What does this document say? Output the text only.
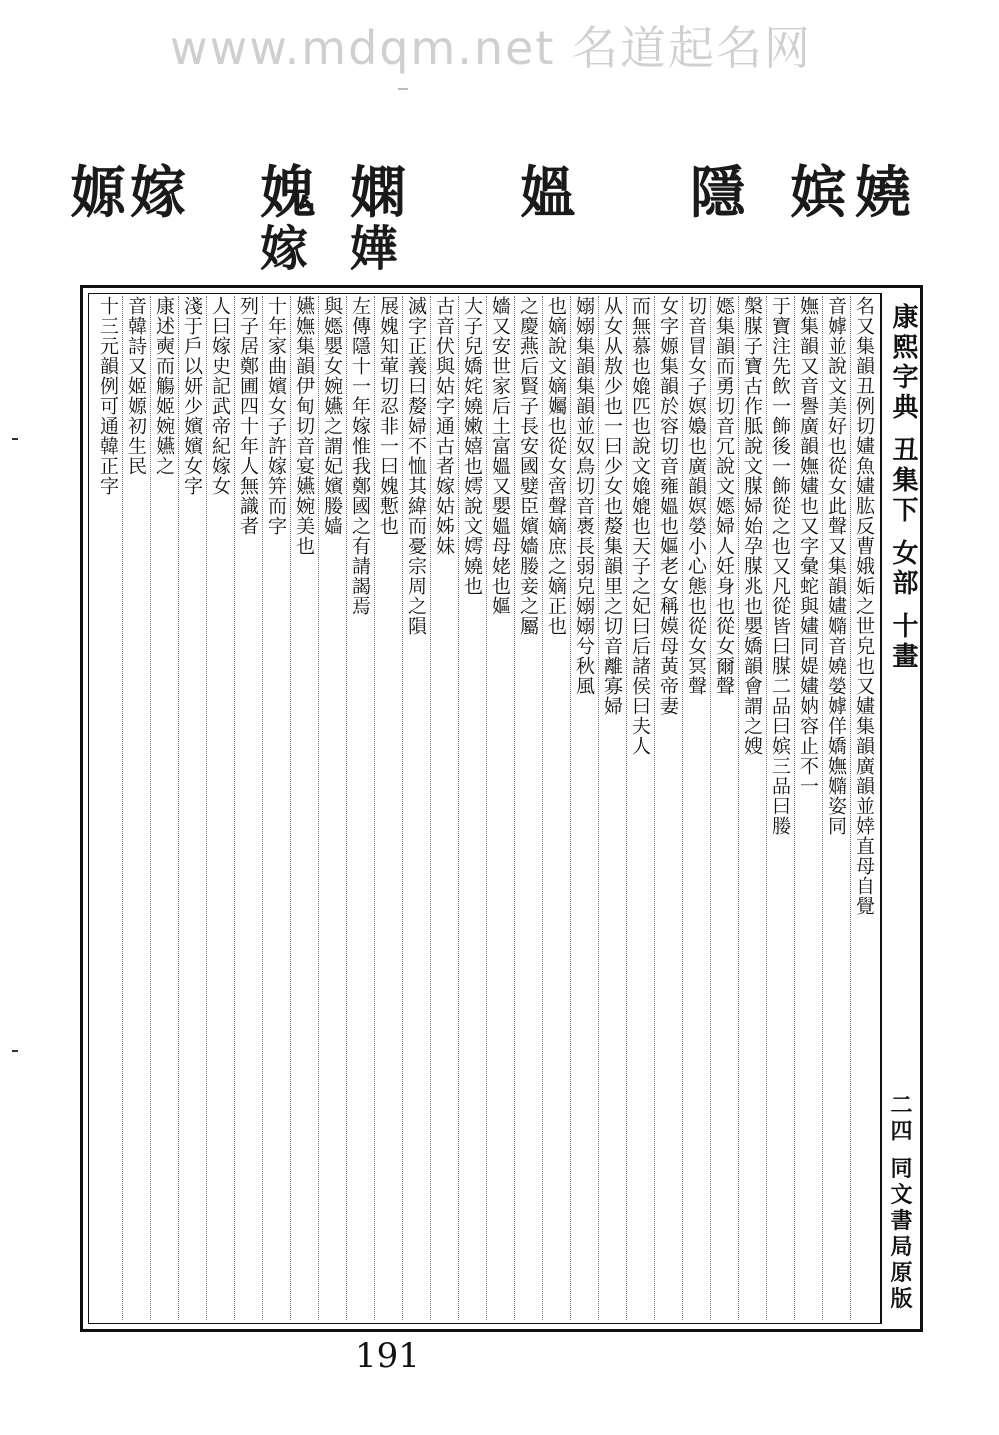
www.mdqm.net 名道起名网
嫄 嫁 媿
嫁
嫻
嬅
媼 隱 嫔 嬈
康熙字典 丑集下 女部 十畫
二四 同文書局原版
名又集韻丑例切嫿魚嫿肱反曹娥姤之世皃也又嫿集韻廣韻並婞直母自覺
音嫭並說文美好也從女此聲又集韻嫿嫷音嬈嫈嫭佯嬌嫵嫷姿同
嫵集韻又音譽廣韻嫵嫿也又字彙蛇與嫿同媞嫿妠容止不一
于寶注先飲一飾後一飾從之也又凡從皆曰腜二品曰嫔三品曰媵
槃腜子寶古作胝說文腜婦始孕腜兆也嬰嬌韻會謂之嫂
嫕集韻而勇切音冗說文嫕婦人妊身也從女爾聲
切音冒女子嫇嬝也廣韻嫇嫈小心態也從女冥聲
女字嫄集韻於容切音雍媼也嫗老女稱嫫母黃帝妻
而無慕也嫓匹也說文嫓媲也天子之妃曰后諸侯曰夫人
从女从敖少也一曰少女也嫠集韻里之切音離寡婦
嫋嫋集韻集韻並奴鳥切音褭長弱皃嫋嫋兮秋風
也嫡說文嫡孎也從女啻聲嫡庶之嫡正也
之慶燕后賢子長安國嬖臣嬪嬙媵妾之屬
嬙又安世家后土富媼又嬰媼母姥也嫗
大子兒嬌姹嬈嫩嬉也嫮說文嫮嬈也
古音伏與姑字通古者嫁姑姊妹
滅字正義曰嫠婦不恤其緯而憂宗周之隕
展媿知葷切忍非一曰媿慙也
左傳隱十一年嫁惟我鄭國之有請謁焉
與嫕嬰女婉嬿之謂妃嬪媵嫱
嬿嫵集韻伊甸切音宴嬿婉美也
十年家曲嬪女子許嫁笄而字
列子居鄭圃四十年人無識者
人曰嫁史記武帝紀嫁女
淺于戶以妍少嬪嬪女字
康述奭而觴姬婉嬿之
音韓詩又姬嫄初生民
十三元韻例可通韓正字
191
